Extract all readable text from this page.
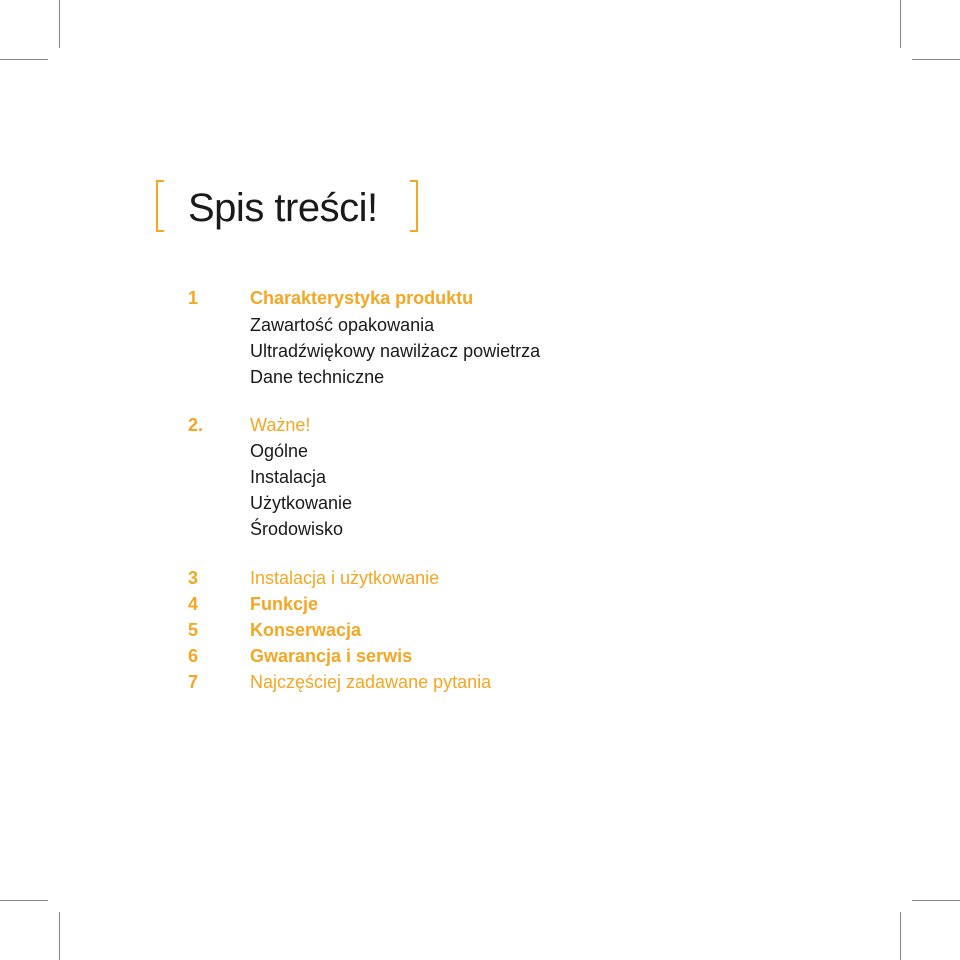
Spis treści!
1	Charakterystyka produktu
Zawartość opakowania
Ultradźwiękowy nawilżacz powietrza
Dane techniczne
2.	Ważne!
Ogólne
Instalacja
Użytkowanie
Środowisko
3	Instalacja i użytkowanie
4	Funkcje
5	Konserwacja
6	Gwarancja i serwis
7	Najczęściej zadawane pytania
